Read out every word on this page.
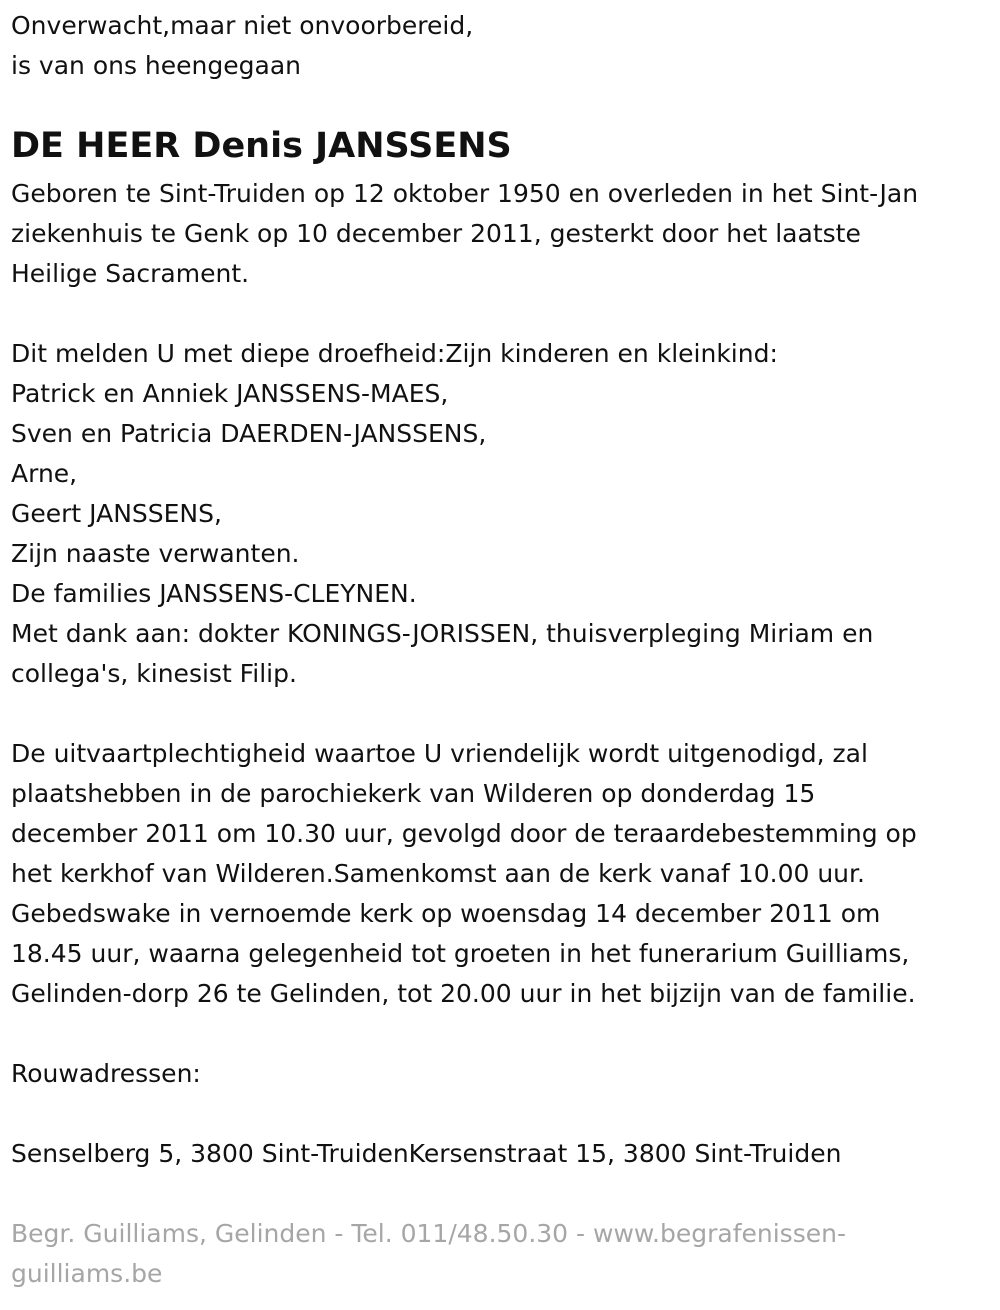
Onverwacht,maar niet onvoorbereid,
is van ons heengegaan
DE HEER Denis JANSSENS
Geboren te Sint-Truiden op 12 oktober 1950 en overleden in het Sint-Jan
ziekenhuis te Genk op 10 december 2011, gesterkt door het laatste
Heilige Sacrament.
Dit melden U met diepe droefheid:Zijn kinderen en kleinkind:
Patrick en Anniek JANSSENS-MAES,
Sven en Patricia DAERDEN-JANSSENS,
Arne,
Geert JANSSENS,
Zijn naaste verwanten.
De families JANSSENS-CLEYNEN.
Met dank aan: dokter KONINGS-JORISSEN, thuisverpleging Miriam en
collega's, kinesist Filip.
De uitvaartplechtigheid waartoe U vriendelijk wordt uitgenodigd, zal
plaatshebben in de parochiekerk van Wilderen op donderdag 15
december 2011 om 10.30 uur, gevolgd door de teraardebestemming op
het kerkhof van Wilderen.Samenkomst aan de kerk vanaf 10.00 uur.
Gebedswake in vernoemde kerk op woensdag 14 december 2011 om
18.45 uur, waarna gelegenheid tot groeten in het funerarium Guilliams,
Gelinden-dorp 26 te Gelinden, tot 20.00 uur in het bijzijn van de familie.
Rouwadressen:
Senselberg 5, 3800 Sint-TruidenKersenstraat 15, 3800 Sint-Truiden
Begr. Guilliams, Gelinden - Tel. 011/48.50.30 - www.begrafenissen-
guilliams.be
